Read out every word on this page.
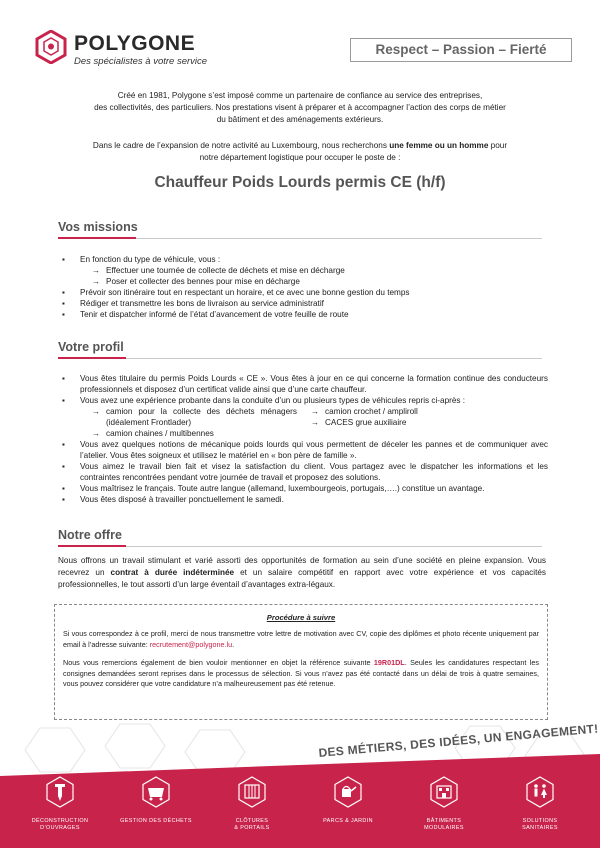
POLYGONE
Des spécialistes à votre service
Respect – Passion – Fierté
Créé en 1981, Polygone s’est imposé comme un partenaire de confiance au service des entreprises,
des collectivités, des particuliers. Nos prestations visent à préparer et à accompagner l’action des corps de métier
du bâtiment et des aménagements extérieurs.
Dans le cadre de l’expansion de notre activité au Luxembourg, nous recherchons une femme ou un homme pour
notre département logistique pour occuper le poste de :
Chauffeur Poids Lourds permis CE (h/f)
Vos missions
▪ En fonction du type de véhicule, vous :
→ Effectuer une tournée de collecte de déchets et mise en décharge
→ Poser et collecter des bennes pour mise en décharge
▪ Prévoir son itinéraire tout en respectant un horaire, et ce avec une bonne gestion du temps
▪ Rédiger et transmettre les bons de livraison au service administratif
▪ Tenir et dispatcher informé de l’état d’avancement de votre feuille de route
Votre profil
▪ Vous êtes titulaire du permis Poids Lourds « CE ». Vous êtes à jour en ce qui concerne la formation continue des conducteurs professionnels et disposez d’un certificat valide ainsi que d’une carte chauffeur.
▪ Vous avez une expérience probante dans la conduite d’un ou plusieurs types de véhicules repris ci-après :
→ camion pour la collecte des déchets ménagers (idéalement Frontlader)
→ camion chaines / multibennes
→ camion crochet / ampliroll
→ CACES grue auxiliaire
▪ Vous avez quelques notions de mécanique poids lourds qui vous permettent de déceler les pannes et de communiquer avec l’atelier. Vous êtes soigneux et utilisez le matériel en « bon père de famille ».
▪ Vous aimez le travail bien fait et visez la satisfaction du client. Vous partagez avec le dispatcher les informations et les contraintes rencontrées pendant votre journée de travail et proposez des solutions.
▪ Vous maîtrisez le français. Toute autre langue (allemand, luxembourgeois, portugais,….) constitue un avantage.
▪ Vous êtes disposé à travailler ponctuellement le samedi.
Notre offre
Nous offrons un travail stimulant et varié assorti des opportunités de formation au sein d’une société en pleine expansion. Vous recevrez un contrat à durée indéterminée et un salaire compétitif en rapport avec votre expérience et vos capacités professionnelles, le tout assorti d’un large éventail d’avantages extra-légaux.
Procédure à suivre
Si vous correspondez à ce profil, merci de nous transmettre votre lettre de motivation avec CV, copie des diplômes et photo récente uniquement par email à l’adresse suivante: recrutement@polygone.lu.
Nous vous remercions également de bien vouloir mentionner en objet la référence suivante 19R01DL. Seules les candidatures respectant les consignes demandées seront reprises dans le processus de sélection. Si vous n’avez pas été contacté dans un délai de trois à quatre semaines, vous pouvez considérer que votre candidature n’a malheureusement pas été retenue.
DES MÉTIERS, DES IDÉES, UN ENGAGEMENT!
DÉCONSTRUCTION
D’OUVRAGES
GESTION DES DÉCHETS	CLÔTURES
& PORTAILS
PARCS & JARDIN	BÂTIMENTS
MODULAIRES
SOLUTIONS
SANITAIRES
